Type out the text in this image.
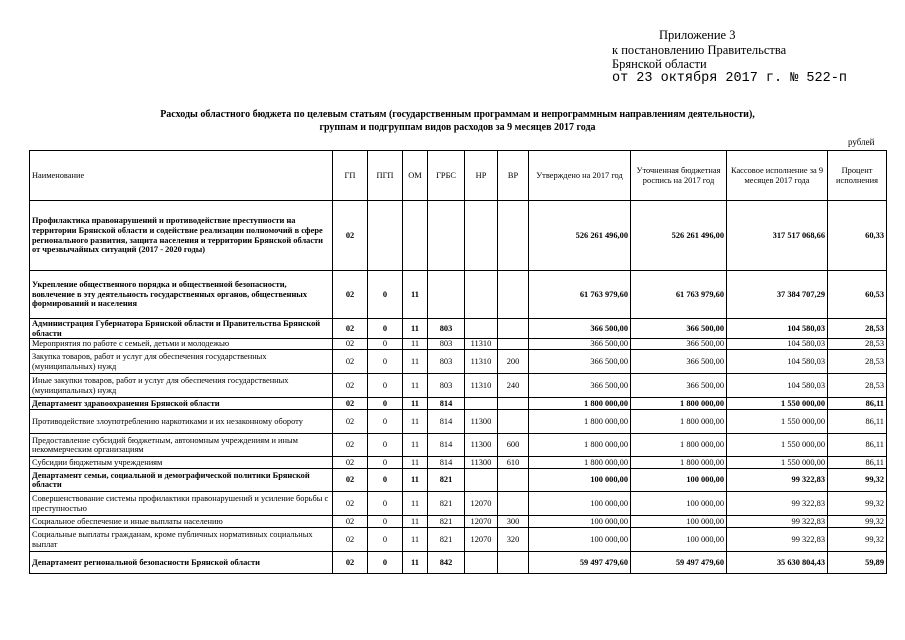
Приложение 3
к постановлению Правительства
Брянской области
от 23 октября 2017 г. № 522-п
Расходы областного бюджета по целевым статьям (государственным программам и непрограммным направлениям деятельности),
группам и подгруппам видов расходов за 9 месяцев 2017 года
рублей
Наименование	ГП	ПГП	ОМ	ГРБС	НР	ВР	Утверждено на 2017 год	Уточненная бюджетная роспись на 2017 год	Кассовое исполнение за 9 месяцев 2017 года	Процент исполнения
Профилактика правонарушений и противодействие преступности на территории Брянской области и содействие реализации полномочий в сфере регионального развития, защита населения и территории Брянской области от чрезвычайных ситуаций (2017 - 2020 годы)	02						526 261 496,00	526 261 496,00	317 517 068,66	60,33
Укрепление общественного порядка и общественной безопасности, вовлечение в эту деятельность государственных органов, общественных формирований и населения	02	0	11				61 763 979,60	61 763 979,60	37 384 707,29	60,53
Администрация Губернатора Брянской области и Правительства Брянской области	02	0	11	803			366 500,00	366 500,00	104 580,03	28,53
Мероприятия по работе с семьей, детьми и молодежью	02	0	11	803	11310		366 500,00	366 500,00	104 580,03	28,53
Закупка товаров, работ и услуг для обеспечения государственных (муниципальных) нужд	02	0	11	803	11310	200	366 500,00	366 500,00	104 580,03	28,53
Иные закупки товаров, работ и услуг для обеспечения государственных (муниципальных) нужд	02	0	11	803	11310	240	366 500,00	366 500,00	104 580,03	28,53
Департамент здравоохранения Брянской области	02	0	11	814			1 800 000,00	1 800 000,00	1 550 000,00	86,11
Противодействие злоупотреблению наркотиками и их незаконному обороту	02	0	11	814	11300		1 800 000,00	1 800 000,00	1 550 000,00	86,11
Предоставление субсидий бюджетным, автономным учреждениям и иным некоммерческим организациям	02	0	11	814	11300	600	1 800 000,00	1 800 000,00	1 550 000,00	86,11
Субсидии бюджетным учреждениям	02	0	11	814	11300	610	1 800 000,00	1 800 000,00	1 550 000,00	86,11
Департамент семьи, социальной и демографической политики Брянской области	02	0	11	821			100 000,00	100 000,00	99 322,83	99,32
Совершенствование системы профилактики правонарушений и усиление борьбы с преступностью	02	0	11	821	12070		100 000,00	100 000,00	99 322,83	99,32
Социальное обеспечение и иные выплаты населению	02	0	11	821	12070	300	100 000,00	100 000,00	99 322,83	99,32
Социальные выплаты гражданам, кроме публичных нормативных социальных выплат	02	0	11	821	12070	320	100 000,00	100 000,00	99 322,83	99,32
Департамент региональной безопасности Брянской области	02	0	11	842			59 497 479,60	59 497 479,60	35 630 804,43	59,89
